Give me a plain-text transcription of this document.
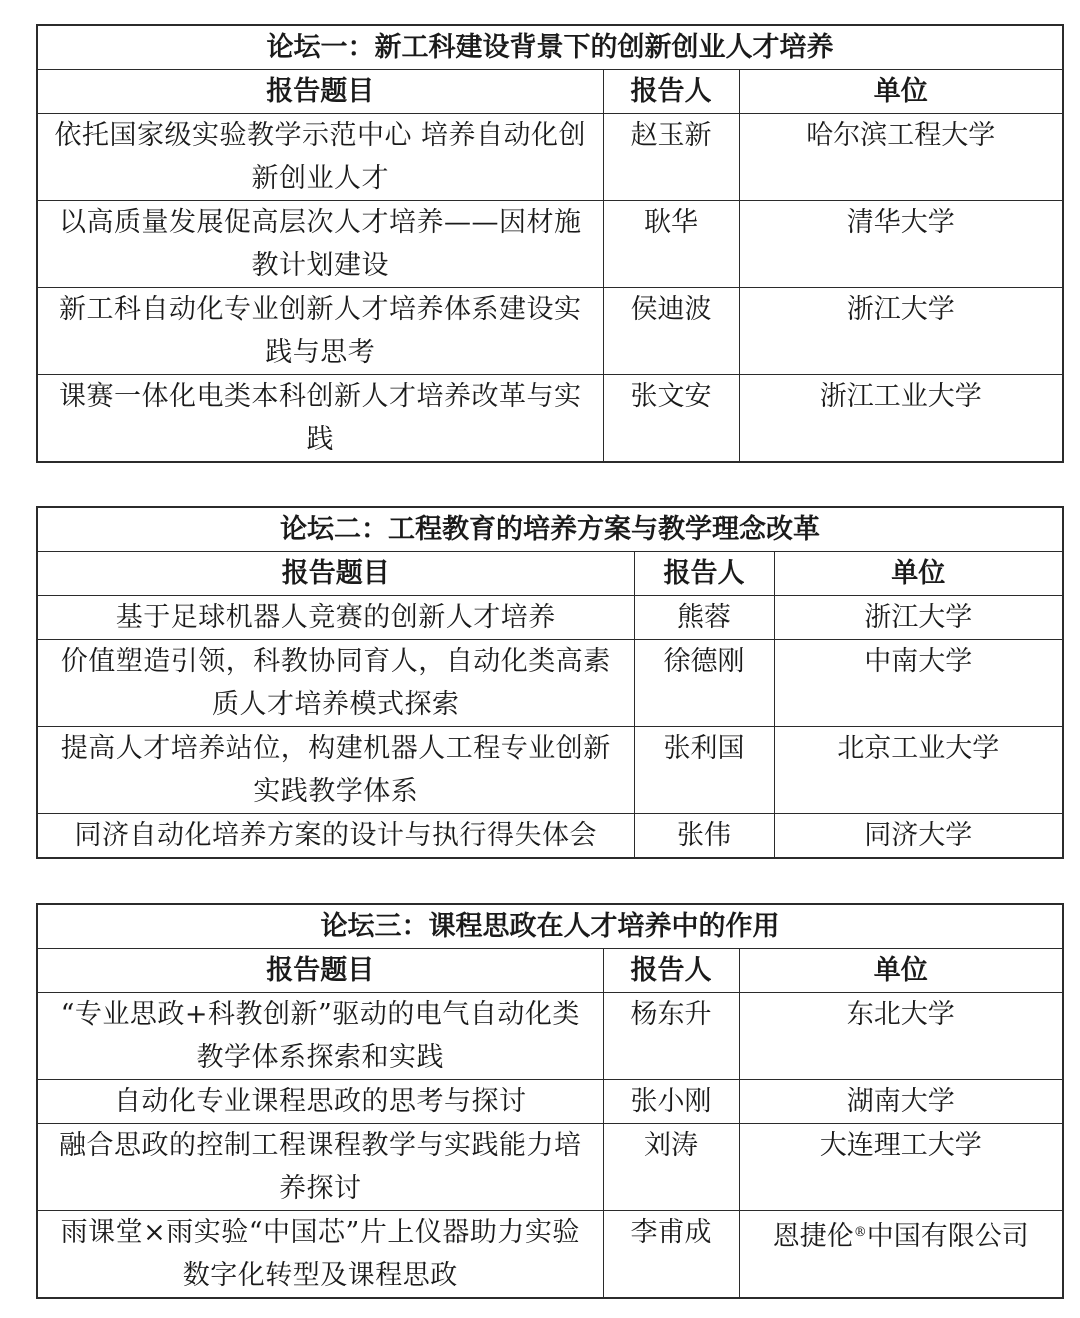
论坛一：新工科建设背景下的创新创业人才培养		
报告题目	报告人	单位
依托国家级实验教学示范中心 培养自动化创新创业人才	赵玉新	哈尔滨工程大学
以高质量发展促高层次人才培养——因材施教计划建设	耿华	清华大学
新工科自动化专业创新人才培养体系建设实践与思考	侯迪波	浙江大学
课赛一体化电类本科创新人才培养改革与实践	张文安	浙江工业大学
论坛二：工程教育的培养方案与教学理念改革		
报告题目	报告人	单位
基于足球机器人竞赛的创新人才培养	熊蓉	浙江大学
价值塑造引领，科教协同育人，自动化类高素质人才培养模式探索	徐德刚	中南大学
提高人才培养站位，构建机器人工程专业创新实践教学体系	张利国	北京工业大学
同济自动化培养方案的设计与执行得失体会	张伟	同济大学
论坛三：课程思政在人才培养中的作用		
报告题目	报告人	单位
“专业思政+科教创新”驱动的电气自动化类教学体系探索和实践	杨东升	东北大学
自动化专业课程思政的思考与探讨	张小刚	湖南大学
融合思政的控制工程课程教学与实践能力培养探讨	刘涛	大连理工大学
雨课堂×雨实验“中国芯”片上仪器助力实验数字化转型及课程思政	李甫成	恩捷伦®中国有限公司
